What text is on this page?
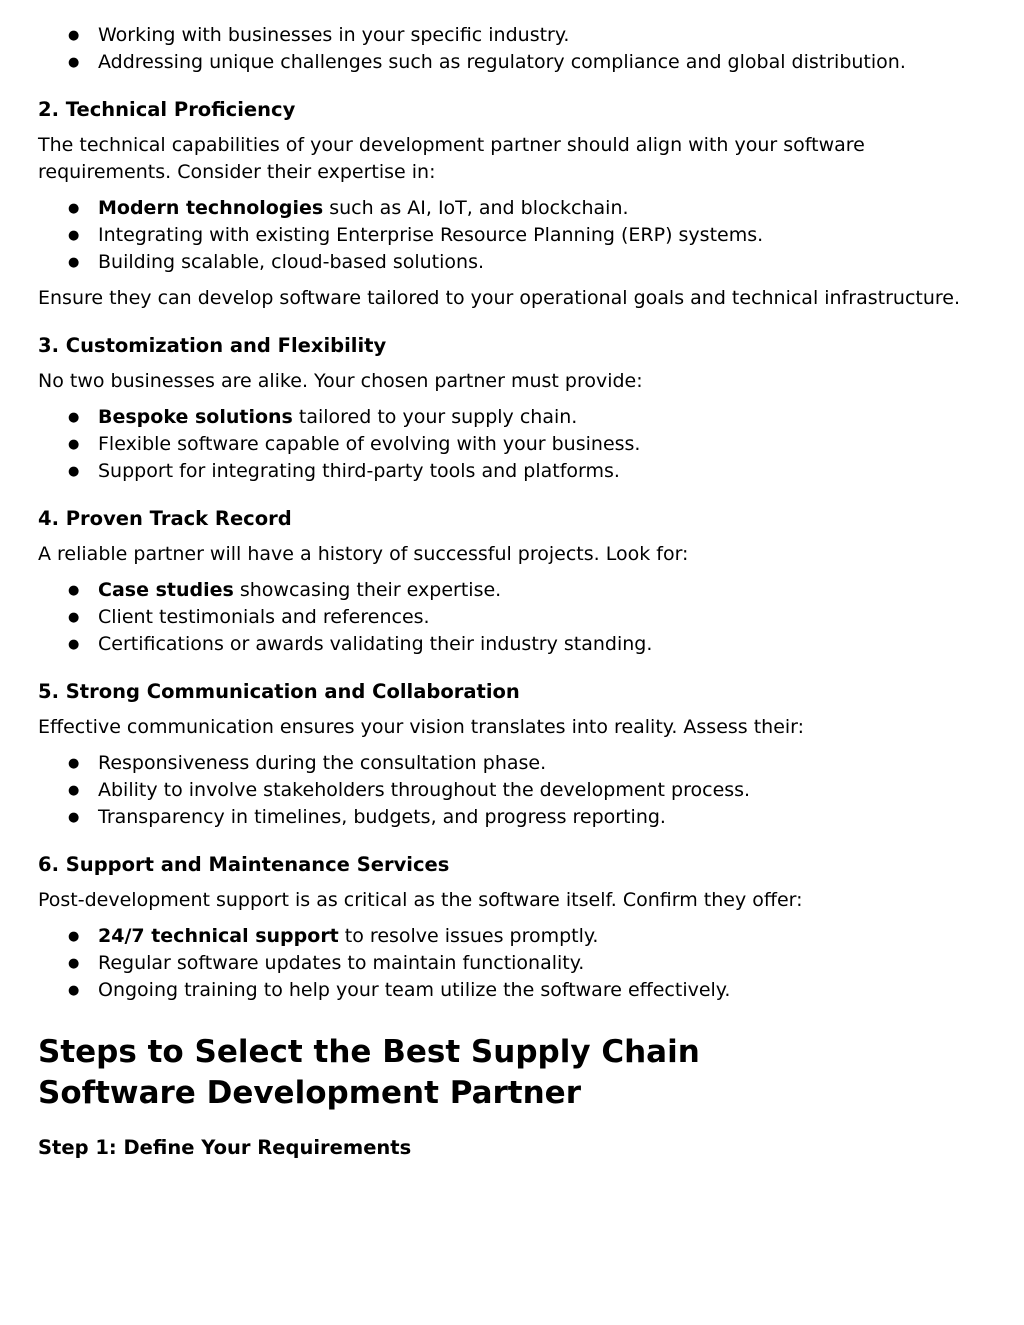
● Working with businesses in your specific industry.
● Addressing unique challenges such as regulatory compliance and global distribution.
2. Technical Proficiency

The technical capabilities of your development partner should align with your software requirements. Consider their expertise in:

● Modern technologies such as AI, IoT, and blockchain.
● Integrating with existing Enterprise Resource Planning (ERP) systems.
● Building scalable, cloud-based solutions.

Ensure they can develop software tailored to your operational goals and technical infrastructure.

3. Customization and Flexibility

No two businesses are alike. Your chosen partner must provide:

● Bespoke solutions tailored to your supply chain.
● Flexible software capable of evolving with your business.
● Support for integrating third-party tools and platforms.
4. Proven Track Record

A reliable partner will have a history of successful projects. Look for:

● Case studies showcasing their expertise.
● Client testimonials and references.
● Certifications or awards validating their industry standing.
5. Strong Communication and Collaboration

Effective communication ensures your vision translates into reality. Assess their:

● Responsiveness during the consultation phase.
● Ability to involve stakeholders throughout the development process.
● Transparency in timelines, budgets, and progress reporting.
6. Support and Maintenance Services

Post-development support is as critical as the software itself. Confirm they offer:

● 24/7 technical support to resolve issues promptly.
● Regular software updates to maintain functionality.
● Ongoing training to help your team utilize the software effectively.
Steps to Select the Best Supply Chain Software Development Partner
Step 1: Define Your Requirements
